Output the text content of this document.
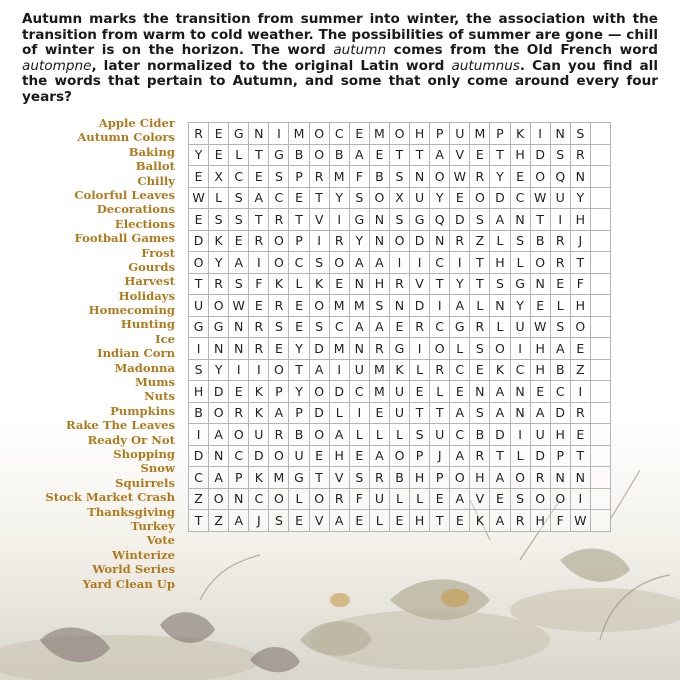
Autumn marks the transition from summer into winter, the association with the transition from warm to cold weather. The possibilities of summer are gone — chill of winter is on the horizon. The word autumn comes from the Old French word autompne, later normalized to the original Latin word autumnus. Can you find all the words that pertain to Autumn, and some that only come around every four years?

Apple Cider
Autumn Colors
Baking
Ballot
Chilly
Colorful Leaves
Decorations
Elections
Football Games
Frost
Gourds
Harvest
Holidays
Homecoming
Hunting
Ice
Indian Corn
Madonna
Mums
Nuts
Pumpkins
Rake The Leaves
Ready Or Not
Shopping
Snow
Squirrels
Stock Market Crash
Thanksgiving
Turkey
Vote
Winterize
World Series
Yard Clean Up
R E G N	I	M O C E M O H P U M P K	I	N S
Y E	L	T G B O B A E T T A V E T H D S R
E X C E S P R M F B S N O W R Y E O Q N
W L	S A C E T Y S O X U Y E O D C W U Y
E S S T R T V	I	G N S G Q D S A N T	I	H
D K E R O P	I	R Y N O D N R Z L	S B R	J
O Y A	I	O C S O A A	I	I	C	I	T H L O R T
T R S	F K	L	K E N H R V T Y T S G N E	F
U O W E R E O M M S N D	I	A L N Y E	L H
G G N R S E S C A A E R C G R L U W S O
I	N N R E Y D M N R G	I	O L	S O	I	H A E
S Y	I	I	O T A	I	U M K	L R C E K C H B Z
H D E K P	Y O D C M U E	L	E N A N E C	I
B O R K A P D L	I	E U T T A S A N A D R
I	A O U R B O A L	L	L	S U C B D	I	U H E
D N C D O U E H E A O P	J	A R T	L D P	T
C A P K M G T V S R B H P O H A O R N N
Z O N C O L O R F U L	L	E A V E S O O	I
T Z A	J	S E V A E	L	E H T E K A R H F W
